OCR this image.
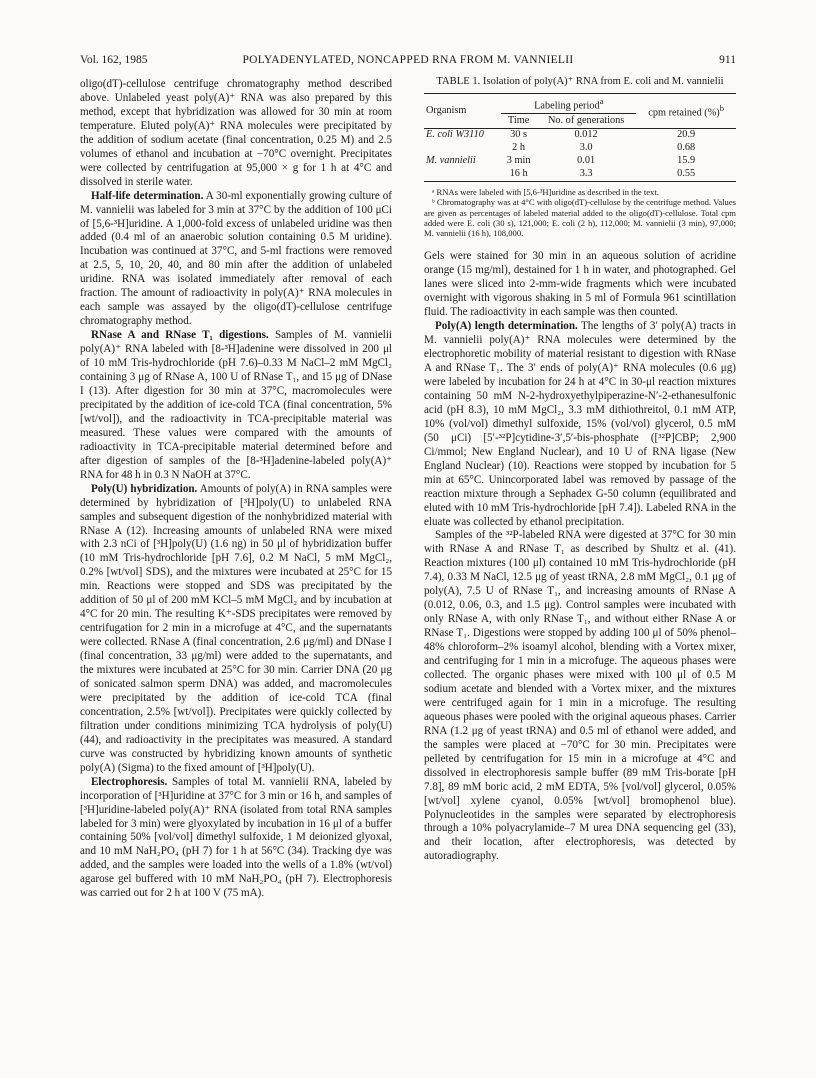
Vol. 162, 1985	POLYADENYLATED, NONCAPPED RNA FROM M. VANNIELII	911

oligo(dT)-cellulose centrifuge chromatography method described above. Unlabeled yeast poly(A)⁺ RNA was also prepared by this method, except that hybridization was allowed for 30 min at room temperature. Eluted poly(A)⁺ RNA molecules were precipitated by the addition of sodium acetate (final concentration, 0.25 M) and 2.5 volumes of ethanol and incubation at −70°C overnight. Precipitates were collected by centrifugation at 95,000 × g for 1 h at 4°C and dissolved in sterile water.

Half-life determination. A 30-ml exponentially growing culture of M. vannielii was labeled for 3 min at 37°C by the addition of 100 μCi of [5,6-³H]uridine. A 1,000-fold excess of unlabeled uridine was then added (0.4 ml of an anaerobic solution containing 0.5 M uridine). Incubation was continued at 37°C, and 5-ml fractions were removed at 2.5, 5, 10, 20, 40, and 80 min after the addition of unlabeled uridine. RNA was isolated immediately after removal of each fraction. The amount of radioactivity in poly(A)⁺ RNA molecules in each sample was assayed by the oligo(dT)-cellulose centrifuge chromatography method.

RNase A and RNase T₁ digestions. Samples of M. vannielii poly(A)⁺ RNA labeled with [8-³H]adenine were dissolved in 200 μl of 10 mM Tris-hydrochloride (pH 7.6)–0.33 M NaCl–2 mM MgCl₂ containing 3 μg of RNase A, 100 U of RNase T₁, and 15 μg of DNase I (13). After digestion for 30 min at 37°C, macromolecules were precipitated by the addition of ice-cold TCA (final concentration, 5% [wt/vol]), and the radioactivity in TCA-precipitable material was measured. These values were compared with the amounts of radioactivity in TCA-precipitable material determined before and after digestion of samples of the [8-³H]adenine-labeled poly(A)⁺ RNA for 48 h in 0.3 N NaOH at 37°C.

Poly(U) hybridization. Amounts of poly(A) in RNA samples were determined by hybridization of [³H]poly(U) to unlabeled RNA samples and subsequent digestion of the nonhybridized material with RNase A (12). Increasing amounts of unlabeled RNA were mixed with 2.3 nCi of [³H]poly(U) (1.6 ng) in 50 μl of hybridization buffer (10 mM Tris-hydrochloride [pH 7.6], 0.2 M NaCl, 5 mM MgCl₂, 0.2% [wt/vol] SDS), and the mixtures were incubated at 25°C for 15 min. Reactions were stopped and SDS was precipitated by the addition of 50 μl of 200 mM KCl–5 mM MgCl₂ and by incubation at 4°C for 20 min. The resulting K⁺-SDS precipitates were removed by centrifugation for 2 min in a microfuge at 4°C, and the supernatants were collected. RNase A (final concentration, 2.6 μg/ml) and DNase I (final concentration, 33 μg/ml) were added to the supernatants, and the mixtures were incubated at 25°C for 30 min. Carrier DNA (20 μg of sonicated salmon sperm DNA) was added, and macromolecules were precipitated by the addition of ice-cold TCA (final concentration, 2.5% [wt/vol]). Precipitates were quickly collected by filtration under conditions minimizing TCA hydrolysis of poly(U) (44), and radioactivity in the precipitates was measured. A standard curve was constructed by hybridizing known amounts of synthetic poly(A) (Sigma) to the fixed amount of [³H]poly(U).

Electrophoresis. Samples of total M. vannielii RNA, labeled by incorporation of [³H]uridine at 37°C for 3 min or 16 h, and samples of [³H]uridine-labeled poly(A)⁺ RNA (isolated from total RNA samples labeled for 3 min) were glyoxylated by incubation in 16 μl of a buffer containing 50% [vol/vol] dimethyl sulfoxide, 1 M deionized glyoxal, and 10 mM NaH₂PO₄ (pH 7) for 1 h at 56°C (34). Tracking dye was added, and the samples were loaded into the wells of a 1.8% (wt/vol) agarose gel buffered with 10 mM NaH₂PO₄ (pH 7). Electrophoresis was carried out for 2 h at 100 V (75 mA).

TABLE 1. Isolation of poly(A)⁺ RNA from E. coli and M. vannielii
Organism	Labeling period$^a$		cpm retained (%)$^b$
	Time	No. of generations	
E. coli W3110	30 s	0.012	20.9
	2 h	3.0	0.68
M. vannielii	3 min	0.01	15.9
	16 h	3.3	0.55

ᵃ RNAs were labeled with [5,6-³H]uridine as described in the text.

ᵇ Chromatography was at 4°C with oligo(dT)-cellulose by the centrifuge method. Values are given as percentages of labeled material added to the oligo(dT)-cellulose. Total cpm added were E. coli (30 s), 121,000; E. coli (2 h), 112,000; M. vannielii (3 min), 97,000; M. vannielii (16 h), 108,000.

Gels were stained for 30 min in an aqueous solution of acridine orange (15 mg/ml), destained for 1 h in water, and photographed. Gel lanes were sliced into 2-mm-wide fragments which were incubated overnight with vigorous shaking in 5 ml of Formula 961 scintillation fluid. The radioactivity in each sample was then counted.

Poly(A) length determination. The lengths of 3′ poly(A) tracts in M. vannielii poly(A)⁺ RNA molecules were determined by the electrophoretic mobility of material resistant to digestion with RNase A and RNase T₁. The 3′ ends of poly(A)⁺ RNA molecules (0.6 μg) were labeled by incubation for 24 h at 4°C in 30-μl reaction mixtures containing 50 mM N-2-hydroxyethylpiperazine-N′-2-ethanesulfonic acid (pH 8.3), 10 mM MgCl₂, 3.3 mM dithiothreitol, 0.1 mM ATP, 10% (vol/vol) dimethyl sulfoxide, 15% (vol/vol) glycerol, 0.5 mM (50 μCi) [5′-³²P]cytidine-3′,5′-bis-phosphate ([³²P]CBP; 2,900 Ci/mmol; New England Nuclear), and 10 U of RNA ligase (New England Nuclear) (10). Reactions were stopped by incubation for 5 min at 65°C. Unincorporated label was removed by passage of the reaction mixture through a Sephadex G-50 column (equilibrated and eluted with 10 mM Tris-hydrochloride [pH 7.4]). Labeled RNA in the eluate was collected by ethanol precipitation.

Samples of the ³²P-labeled RNA were digested at 37°C for 30 min with RNase A and RNase T₁ as described by Shultz et al. (41). Reaction mixtures (100 μl) contained 10 mM Tris-hydrochloride (pH 7.4), 0.33 M NaCl, 12.5 μg of yeast tRNA, 2.8 mM MgCl₂, 0.1 μg of poly(A), 7.5 U of RNase T₁, and increasing amounts of RNase A (0.012, 0.06, 0.3, and 1.5 μg). Control samples were incubated with only RNase A, with only RNase T₁, and without either RNase A or RNase T₁. Digestions were stopped by adding 100 μl of 50% phenol–48% chloroform–2% isoamyl alcohol, blending with a Vortex mixer, and centrifuging for 1 min in a microfuge. The aqueous phases were collected. The organic phases were mixed with 100 μl of 0.5 M sodium acetate and blended with a Vortex mixer, and the mixtures were centrifuged again for 1 min in a microfuge. The resulting aqueous phases were pooled with the original aqueous phases. Carrier RNA (1.2 μg of yeast tRNA) and 0.5 ml of ethanol were added, and the samples were placed at −70°C for 30 min. Precipitates were pelleted by centrifugation for 15 min in a microfuge at 4°C and dissolved in electrophoresis sample buffer (89 mM Tris-borate [pH 7.8], 89 mM boric acid, 2 mM EDTA, 5% [vol/vol] glycerol, 0.05% [wt/vol] xylene cyanol, 0.05% [wt/vol] bromophenol blue). Polynucleotides in the samples were separated by electrophoresis through a 10% polyacrylamide–7 M urea DNA sequencing gel (33), and their location, after electrophoresis, was detected by autoradiography.
